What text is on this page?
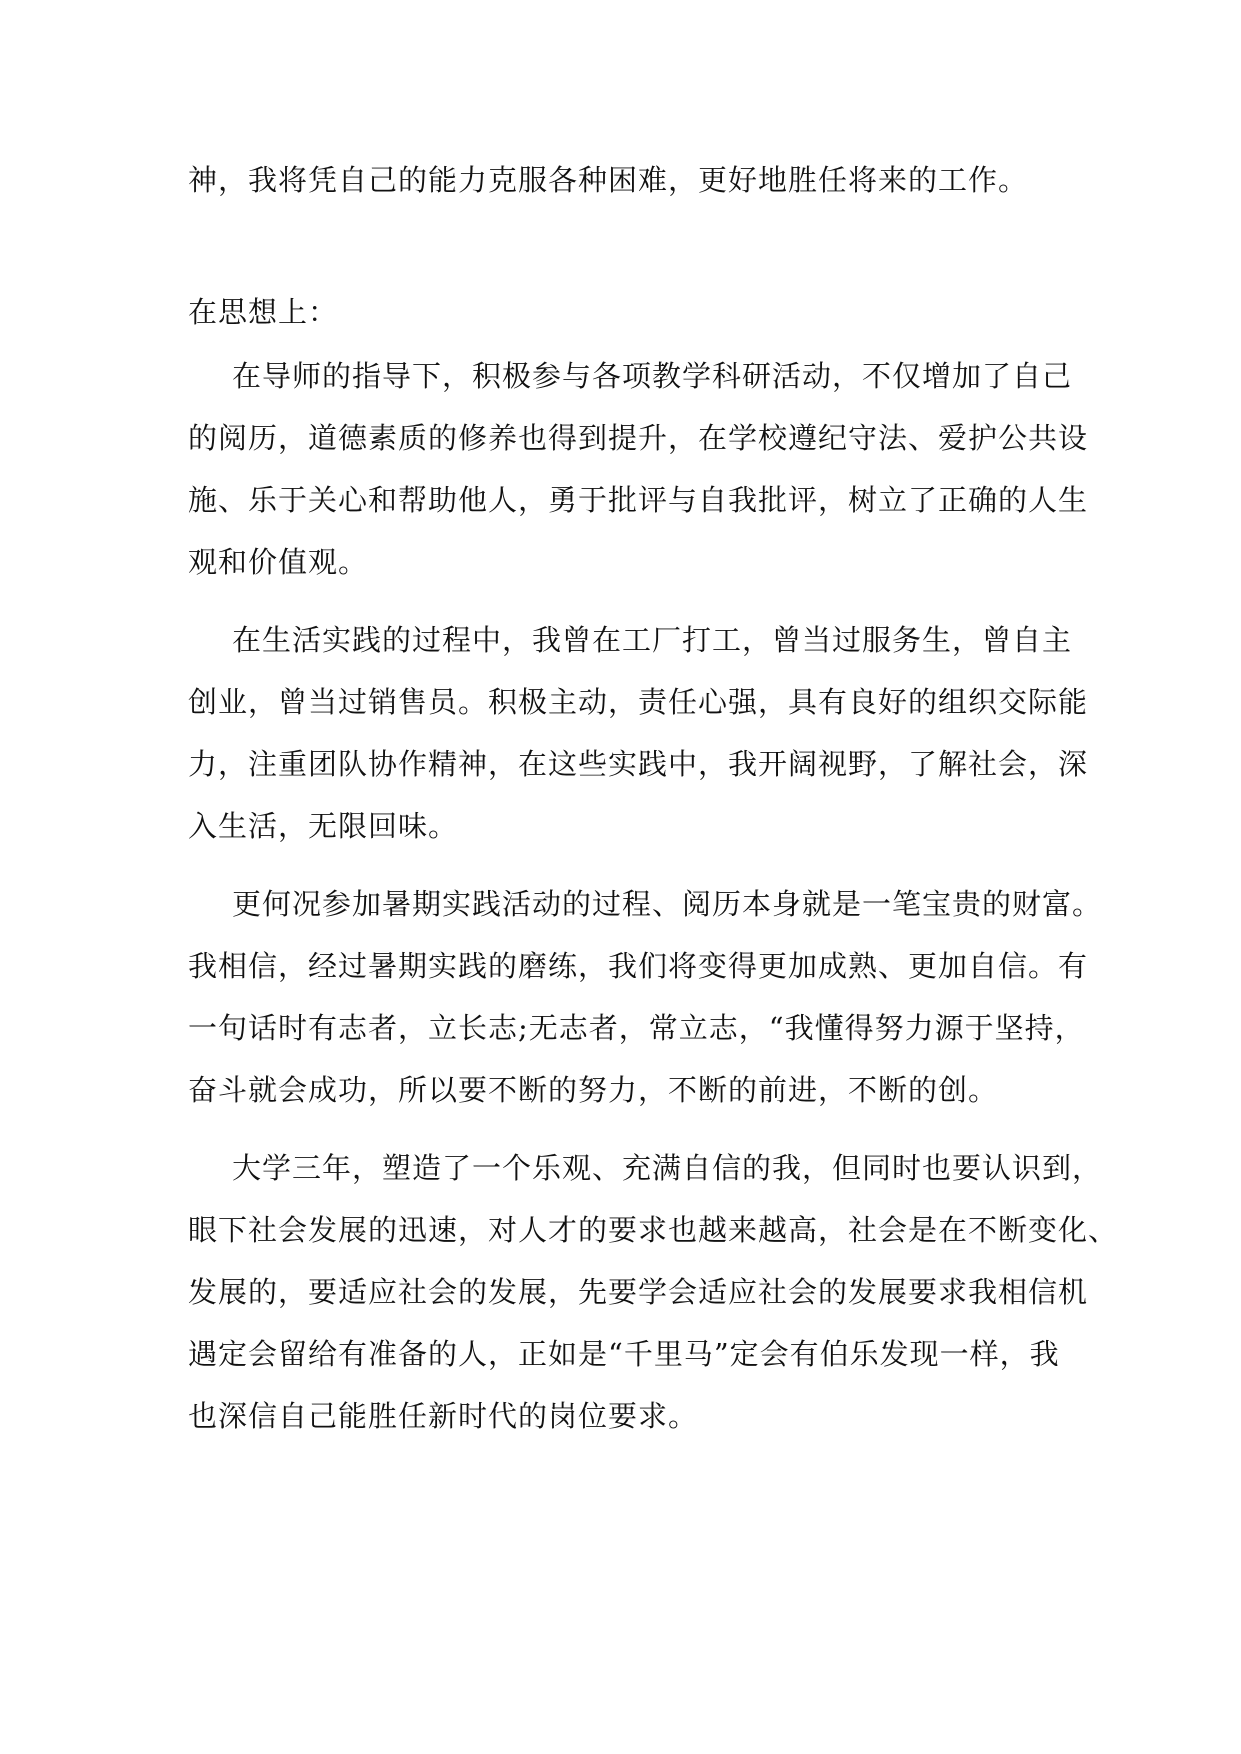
神，我将凭自己的能力克服各种困难，更好地胜任将来的工作。
在思想上：
在导师的指导下，积极参与各项教学科研活动，不仅增加了自己
的阅历，道德素质的修养也得到提升，在学校遵纪守法、爱护公共设
施、乐于关心和帮助他人，勇于批评与自我批评，树立了正确的人生
观和价值观。
在生活实践的过程中，我曾在工厂打工，曾当过服务生，曾自主
创业，曾当过销售员。积极主动，责任心强，具有良好的组织交际能
力，注重团队协作精神，在这些实践中，我开阔视野，了解社会，深
入生活，无限回味。
更何况参加暑期实践活动的过程、阅历本身就是一笔宝贵的财富。
我相信，经过暑期实践的磨练，我们将变得更加成熟、更加自信。有
一句话时有志者，立长志;无志者，常立志，“我懂得努力源于坚持，
奋斗就会成功，所以要不断的努力，不断的前进，不断的创。
大学三年，塑造了一个乐观、充满自信的我，但同时也要认识到，
眼下社会发展的迅速，对人才的要求也越来越高，社会是在不断变化、
发展的，要适应社会的发展，先要学会适应社会的发展要求我相信机
遇定会留给有准备的人，正如是“千里马”定会有伯乐发现一样，我
也深信自己能胜任新时代的岗位要求。
